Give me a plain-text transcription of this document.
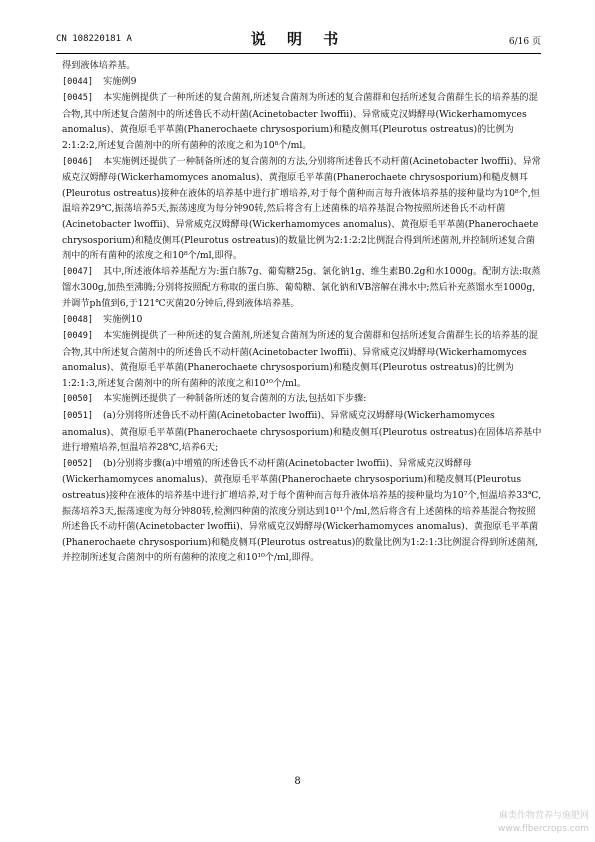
CN 108220181 A	说 明 书	6/16 页

得到液体培养基。

[0044] 实施例9

[0045] 本实施例提供了一种所述的复合菌剂,所述复合菌剂为所述的复合菌群和包括所述复合菌群生长的培养基的混合物,其中所述复合菌剂中的所述鲁氏不动杆菌(Acinetobacter lwoffii)、异常威克汉姆酵母(Wickerhamomyces anomalus)、黄孢原毛平革菌(Phanerochaete chrysosporium)和糙皮侧耳(Pleurotus ostreatus)的比例为2:1:2:2,所述复合菌剂中的所有菌种的浓度之和为10⁸个/ml。

[0046] 本实施例还提供了一种制备所述的复合菌剂的方法,分别将所述鲁氏不动杆菌(Acinetobacter lwoffii)、异常威克汉姆酵母(Wickerhamomyces anomalus)、黄孢原毛平革菌(Phanerochaete chrysosporium)和糙皮侧耳(Pleurotus ostreatus)接种在液体的培养基中进行扩增培养,对于每个菌种而言每升液体培养基的接种量均为10⁸个,恒温培养29℃,振荡培养5天,振荡速度为每分钟90转,然后将含有上述菌株的培养基混合物按照所述鲁氏不动杆菌(Acinetobacter lwoffii)、异常威克汉姆酵母(Wickerhamomyces anomalus)、黄孢原毛平革菌(Phanerochaete chrysosporium)和糙皮侧耳(Pleurotus ostreatus)的数量比例为2:1:2:2比例混合得到所述菌剂,并控制所述复合菌剂中的所有菌种的浓度之和10⁸个/ml,即得。

[0047] 其中,所述液体培养基配方为:蛋白胨7g、葡萄糖25g、氯化钠1g、维生素B0.2g和水1000g。配制方法:取蒸馏水300g,加热至沸腾;分别将按照配方称取的蛋白胨、葡萄糖、氯化钠和VB溶解在沸水中;然后补充蒸馏水至1000g,并调节ph值到6,于121℃灭菌20分钟后,得到液体培养基。

[0048] 实施例10

[0049] 本实施例提供了一种所述的复合菌剂,所述复合菌剂为所述的复合菌群和包括所述复合菌群生长的培养基的混合物,其中所述复合菌剂中的所述鲁氏不动杆菌(Acinetobacter lwoffii)、异常威克汉姆酵母(Wickerhamomyces anomalus)、黄孢原毛平革菌(Phanerochaete chrysosporium)和糙皮侧耳(Pleurotus ostreatus)的比例为1:2:1:3,所述复合菌剂中的所有菌种的浓度之和10¹⁰个/ml。

[0050] 本实施例还提供了一种制备所述的复合菌剂的方法,包括如下步骤:

[0051] (a)分别将所述鲁氏不动杆菌(Acinetobacter lwoffii)、异常威克汉姆酵母(Wickerhamomyces anomalus)、黄孢原毛平革菌(Phanerochaete chrysosporium)和糙皮侧耳(Pleurotus ostreatus)在固体培养基中进行增殖培养,恒温培养28℃,培养6天;

[0052] (b)分别将步骤(a)中增殖的所述鲁氏不动杆菌(Acinetobacter lwoffii)、异常威克汉姆酵母(Wickerhamomyces anomalus)、黄孢原毛平革菌(Phanerochaete chrysosporium)和糙皮侧耳(Pleurotus ostreatus)接种在液体的培养基中进行扩增培养,对于每个菌种而言每升液体培养基的接种量均为10⁷个,恒温培养33℃,振荡培养3天,振荡速度为每分钟80转,检测四种菌的浓度分别达到10¹¹个/ml,然后将含有上述菌株的培养基混合物按照所述鲁氏不动杆菌(Acinetobacter lwoffii)、异常威克汉姆酵母(Wickerhamomyces anomalus)、黄孢原毛平革菌(Phanerochaete chrysosporium)和糙皮侧耳(Pleurotus ostreatus)的数量比例为1:2:1:3比例混合得到所述菌剂,并控制所述复合菌剂中的所有菌种的浓度之和10¹⁰个/ml,即得。

8
麻类作物营养与施肥网
www.fibercrops.com
